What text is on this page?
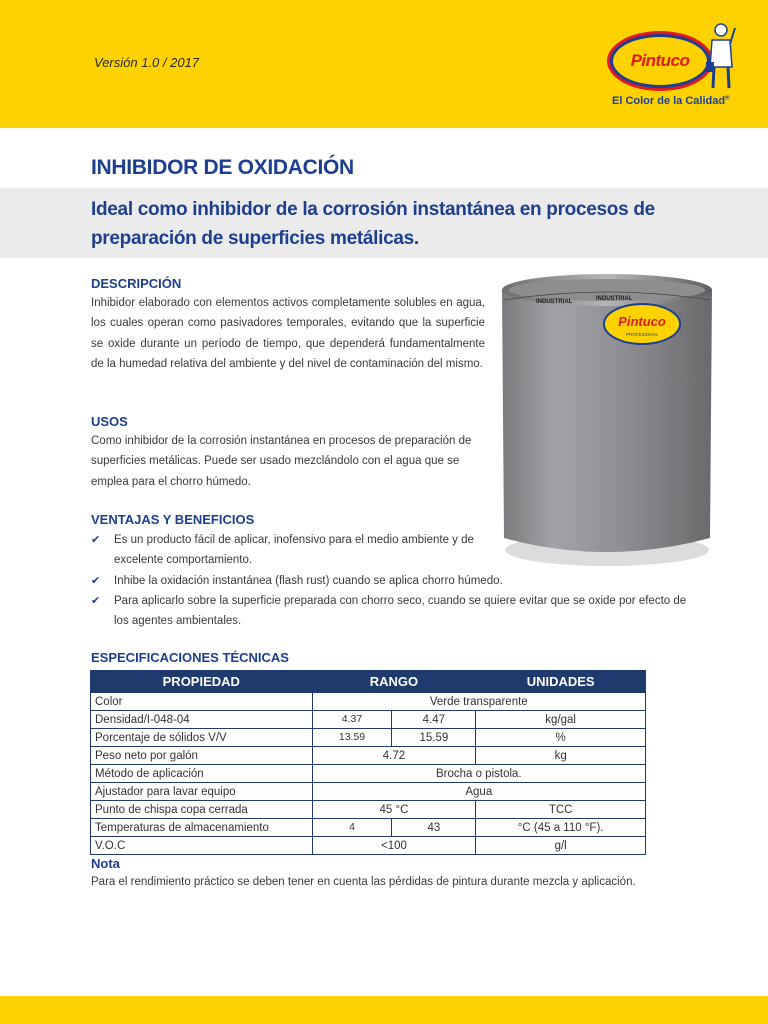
Versión 1.0 / 2017	Pintuco
El Color de la Calidad®
INHIBIDOR DE OXIDACIÓN
Ideal como inhibidor de la corrosión instantánea en procesos de preparación de superficies metálicas.
INDUSTRIAL	INDUSTRIAL
Pintuco
PROFESIONAL
DESCRIPCIÓN
Inhibidor elaborado con elementos activos completamente solubles en agua, los cuales operan como pasivadores temporales, evitando que la superficie se oxide durante un período de tiempo, que dependerá fundamentalmente de la humedad relativa del ambiente y del nivel de contaminación del mismo.
USOS
Como inhibidor de la corrosión instantánea en procesos de preparación de superficies metálicas. Puede ser usado mezclándolo con el agua que se emplea para el chorro húmedo.
VENTAJAS Y BENEFICIOS
✔ Es un producto fácil de aplicar, inofensivo para el medio ambiente y de excelente comportamiento.
✔ Inhibe la oxidación instantánea (flash rust) cuando se aplica chorro húmedo.
✔ Para aplicarlo sobre la superficie preparada con chorro seco, cuando se quiere evitar que se oxide por efecto de los agentes ambientales.
ESPECIFICACIONES TÉCNICAS
PROPIEDAD	RANGO		UNIDADES
Color	Verde transparente		
Densidad/I-048-04	4.37	4.47	kg/gal
Porcentaje de sólidos V/V	13.59	15.59	%
Peso neto por galón	4.72		kg
Método de aplicación	Brocha o pistola.		
Ajustador para lavar equipo	Agua		
Punto de chispa copa cerrada	45 °C		TCC
Temperaturas de almacenamiento	4	43	°C (45 a 110 °F).
V.O.C	<100		g/l
Nota
Para el rendimiento práctico se deben tener en cuenta las pérdidas de pintura durante mezcla y aplicación.
